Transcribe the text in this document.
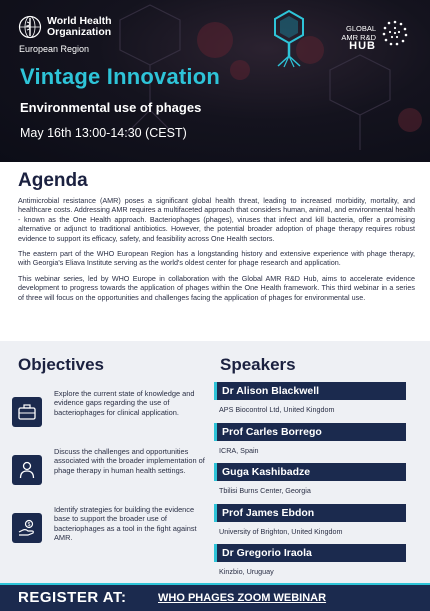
World Health
Organization
European Region
GLOBAL
AMR R&D
HUB
Vintage Innovation
Environmental use of phages
May 16th 13:00-14:30 (CEST)
Agenda

Antimicrobial resistance (AMR) poses a significant global health threat, leading to increased morbidity, mortality, and healthcare costs. Addressing AMR requires a multifaceted approach that considers human, animal, and environmental health - known as the One Health approach. Bacteriophages (phages), viruses that infect and kill bacteria, offer a promising alternative or adjunct to traditional antibiotics. However, the potential broader adoption of phage therapy requires robust evidence to support its efficacy, safety, and feasibility across One Health sectors.

The eastern part of the WHO European Region has a longstanding history and extensive experience with phage therapy, with Georgia's Eliava Institute serving as the world's oldest center for phage research and application.

This webinar series, led by WHO Europe in collaboration with the Global AMR R&D Hub, aims to accelerate evidence development to progress towards the application of phages within the One Health framework. This third webinar in a series of three will focus on the opportunities and challenges facing the application of phages for environmental use.

Objectives	Speakers
Explore the current state of knowledge and evidence gaps regarding the use of bacteriophages for clinical application.
Discuss the challenges and opportunities associated with the broader implementation of phage therapy in human health settings.
$
Identify strategies for building the evidence base to support the broader use of bacteriophages as a tool in the fight against AMR.
Dr Alison Blackwell
APS Biocontrol Ltd, United Kingdom
Prof Carles Borrego
ICRA, Spain
Guga Kashibadze
Tbilisi Burns Center, Georgia
Prof James Ebdon
University of Brighton, United Kingdom
Dr Gregorio Iraola
Kinzbio, Uruguay
REGISTER AT:	WHO PHAGES ZOOM WEBINAR
